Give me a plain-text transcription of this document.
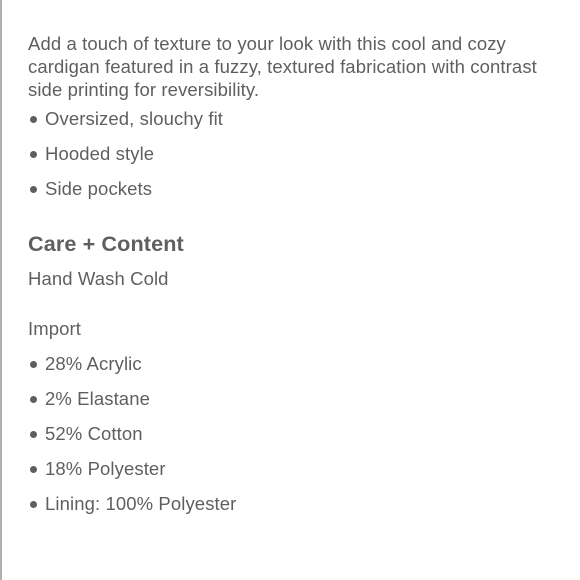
Add a touch of texture to your look with this cool and cozy cardigan featured in a fuzzy, textured fabrication with contrast side printing for reversibility.

Oversized, slouchy fit
Hooded style
Side pockets
Care + Content

Hand Wash Cold

Import

28% Acrylic
2% Elastane
52% Cotton
18% Polyester
Lining: 100% Polyester
